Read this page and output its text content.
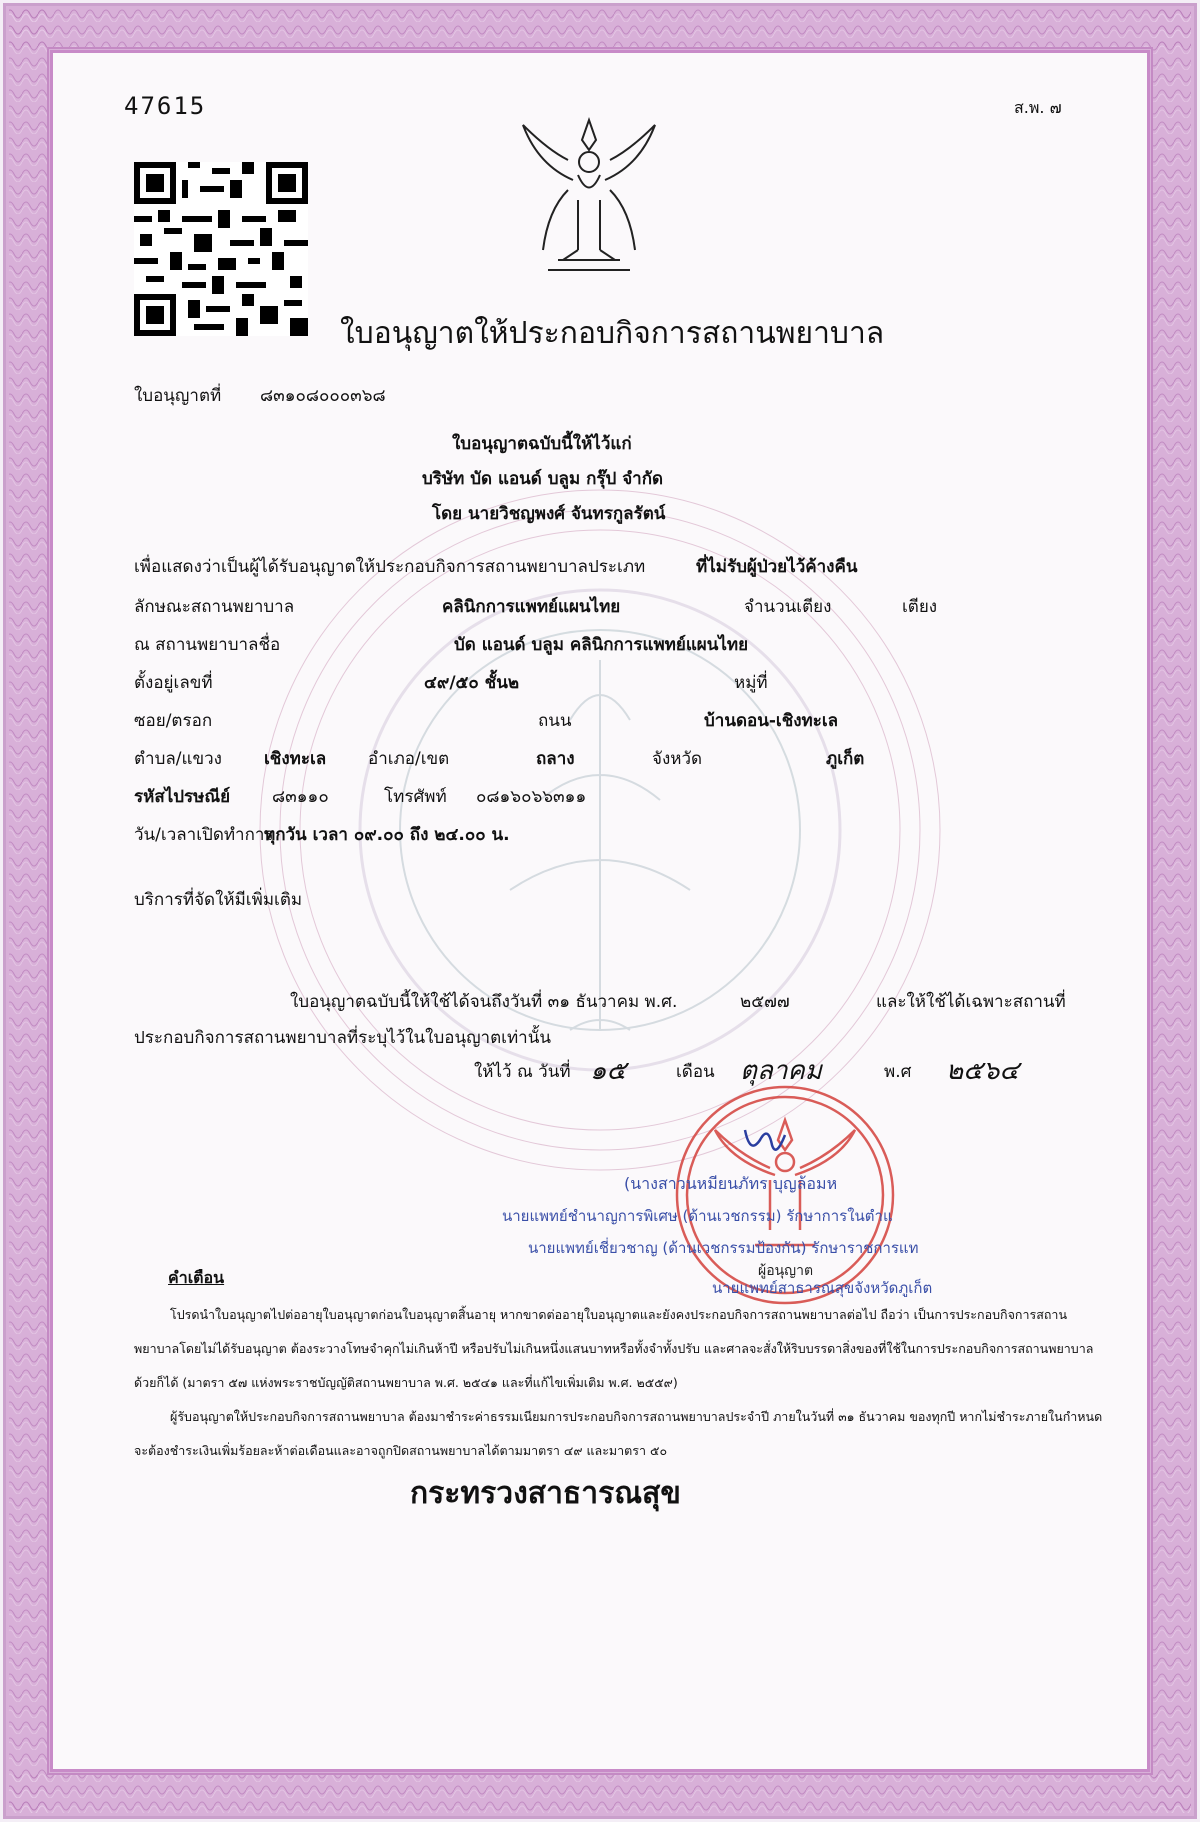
47615	ส.พ. ๗
ใบอนุญาตให้ประกอบกิจการสถานพยาบาล
ใบอนุญาตที่ ๘๓๑๐๘๐๐๐๓๖๘
ใบอนุญาตฉบับนี้ให้ไว้แก่
บริษัท บัด แอนด์ บลูม กรุ๊ป จำกัด
โดย นายวิชญพงศ์ จันทรกูลรัตน์
เพื่อแสดงว่าเป็นผู้ได้รับอนุญาตให้ประกอบกิจการสถานพยาบาลประเภท	ที่ไม่รับผู้ป่วยไว้ค้างคืน
ลักษณะสถานพยาบาล	คลินิกการแพทย์แผนไทย	จำนวนเตียง	เตียง
ณ สถานพยาบาลชื่อ	บัด แอนด์ บลูม คลินิกการแพทย์แผนไทย
ตั้งอยู่เลขที่	๔๙/๕๐ ชั้น๒	หมู่ที่
ซอย/ตรอก	ถนน	บ้านดอน-เชิงทะเล
ตำบล/แขวง เชิงทะเล อำเภอ/เขต	ถลาง	จังหวัด	ภูเก็ต
รหัสไปรษณีย์ ๘๓๑๑๐	โทรศัพท์ ๐๘๑๖๐๖๖๓๑๑
วัน/เวลาเปิดทำการ
ทุกวัน เวลา ๐๙.๐๐ ถึง ๒๔.๐๐ น.
บริการที่จัดให้มีเพิ่มเติม
ใบอนุญาตฉบับนี้ให้ใช้ได้จนถึงวันที่ ๓๑ ธันวาคม พ.ศ.	๒๕๗๗	และให้ใช้ได้เฉพาะสถานที่
ประกอบกิจการสถานพยาบาลที่ระบุไว้ในใบอนุญาตเท่านั้น
ให้ไว้ ณ วันที่ ๑๕	เดือน ตุลาคม	พ.ศ ๒๕๖๔
(นางสาวนหมียนภัทร บุญล้อมห
นายแพทย์ชำนาญการพิเศษ (ด้านเวชกรรม) รักษาการในตำแ
นายแพทย์เชี่ยวชาญ (ด้านเวชกรรมป้องกัน) รักษาราชการแท
ผู้อนุญาต
นายแพทย์สาธารณสุขจังหวัดภูเก็ต
คำเตือน
โปรดนำใบอนุญาตไปต่ออายุใบอนุญาตก่อนใบอนุญาตสิ้นอายุ หากขาดต่ออายุใบอนุญาตและยังคงประกอบกิจการสถานพยาบาลต่อไป ถือว่า เป็นการประกอบกิจการสถานพยาบาลโดยไม่ได้รับอนุญาต ต้องระวางโทษจำคุกไม่เกินห้าปี หรือปรับไม่เกินหนึ่งแสนบาทหรือทั้งจำทั้งปรับ และศาลจะสั่งให้ริบบรรดาสิ่งของที่ใช้ในการประกอบกิจการสถานพยาบาลด้วยก็ได้ (มาตรา ๕๗ แห่งพระราชบัญญัติสถานพยาบาล พ.ศ. ๒๕๔๑ และที่แก้ไขเพิ่มเติม พ.ศ. ๒๕๕๙)
ผู้รับอนุญาตให้ประกอบกิจการสถานพยาบาล ต้องมาชำระค่าธรรมเนียมการประกอบกิจการสถานพยาบาลประจำปี ภายในวันที่ ๓๑ ธันวาคม ของทุกปี หากไม่ชำระภายในกำหนด จะต้องชำระเงินเพิ่มร้อยละห้าต่อเดือนและอาจถูกปิดสถานพยาบาลได้ตามมาตรา ๔๙ และมาตรา ๕๐
กระทรวงสาธารณสุข
